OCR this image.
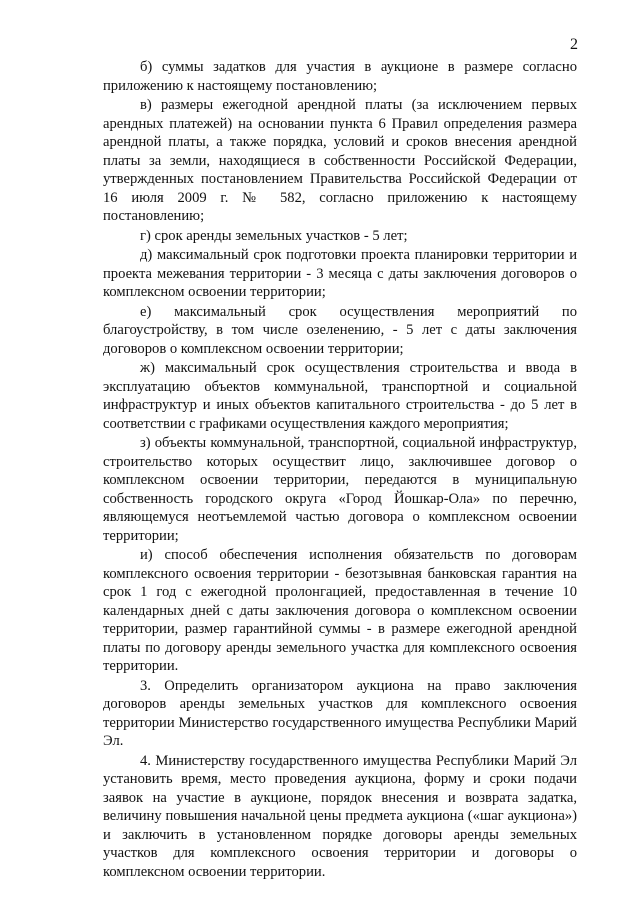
2

б) суммы задатков для участия в аукционе в размере согласно приложению к настоящему постановлению;

в) размеры ежегодной арендной платы (за исключением первых арендных платежей) на основании пункта 6 Правил определения размера арендной платы, а также порядка, условий и сроков внесения арендной платы за земли, находящиеся в собственности Российской Федерации, утвержденных постановлением Правительства Российской Федерации от 16 июля 2009 г. № 582, согласно приложению к настоящему постановлению;

г) срок аренды земельных участков - 5 лет;

д) максимальный срок подготовки проекта планировки территории и проекта межевания территории - 3 месяца с даты заключения договоров о комплексном освоении территории;

е) максимальный срок осуществления мероприятий по благоустройству, в том числе озеленению, - 5 лет с даты заключения договоров о комплексном освоении территории;

ж) максимальный срок осуществления строительства и ввода в эксплуатацию объектов коммунальной, транспортной и социальной инфраструктур и иных объектов капитального строительства - до 5 лет в соответствии с графиками осуществления каждого мероприятия;

з) объекты коммунальной, транспортной, социальной инфраструктур, строительство которых осуществит лицо, заключившее договор о комплексном освоении территории, передаются в муниципальную собственность городского округа «Город Йошкар-Ола» по перечню, являющемуся неотъемлемой частью договора о комплексном освоении территории;

и) способ обеспечения исполнения обязательств по договорам комплексного освоения территории - безотзывная банковская гарантия на срок 1 год с ежегодной пролонгацией, предоставленная в течение 10 календарных дней с даты заключения договора о комплексном освоении территории, размер гарантийной суммы - в размере ежегодной арендной платы по договору аренды земельного участка для комплексного освоения территории.

3. Определить организатором аукциона на право заключения договоров аренды земельных участков для комплексного освоения территории Министерство государственного имущества Республики Марий Эл.

4. Министерству государственного имущества Республики Марий Эл установить время, место проведения аукциона, форму и сроки подачи заявок на участие в аукционе, порядок внесения и возврата задатка, величину повышения начальной цены предмета аукциона («шаг аукциона») и заключить в установленном порядке договоры аренды земельных участков для комплексного освоения территории и договоры о комплексном освоении территории.
